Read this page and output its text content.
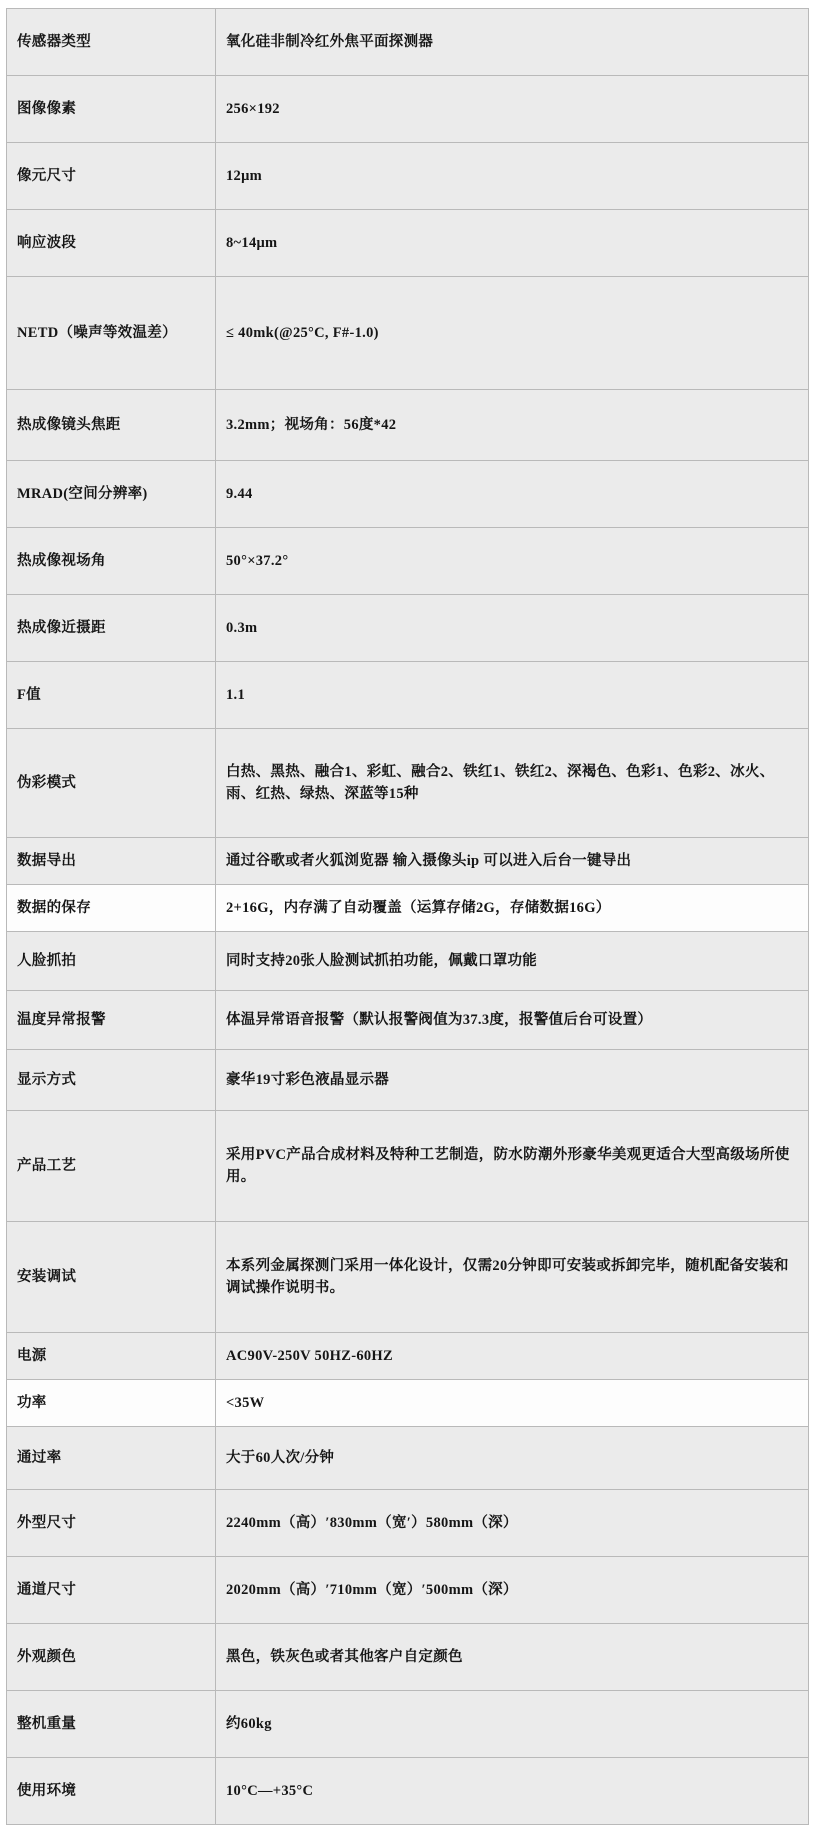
传感器类型	氧化硅非制冷红外焦平面探测器
图像像素	256×192
像元尺寸	12μm
响应波段	8~14μm
NETD（噪声等效温差）	≤ 40mk(@25°C, F#-1.0)
热成像镜头焦距	3.2mm；视场角：56度*42
MRAD(空间分辨率)	9.44
热成像视场角	50°×37.2°
热成像近摄距	0.3m
F值	1.1
伪彩模式	白热、黑热、融合1、彩虹、融合2、铁红1、铁红2、深褐色、色彩1、色彩2、冰火、雨、红热、绿热、深蓝等15种
数据导出	通过谷歌或者火狐浏览器 输入摄像头ip 可以进入后台一键导出
数据的保存	2+16G，内存满了自动覆盖（运算存储2G，存储数据16G）
人脸抓拍	同时支持20张人脸测试抓拍功能，佩戴口罩功能
温度异常报警	体温异常语音报警（默认报警阀值为37.3度，报警值后台可设置）
显示方式	豪华19寸彩色液晶显示器
产品工艺	采用PVC产品合成材料及特种工艺制造，防水防潮外形豪华美观更适合大型高级场所使用。
安装调试	本系列金属探测门采用一体化设计，仅需20分钟即可安装或拆卸完毕，随机配备安装和调试操作说明书。
电源	AC90V-250V 50HZ-60HZ
功率	<35W
通过率	大于60人次/分钟
外型尺寸	2240mm（高）′830mm（宽′）580mm（深）
通道尺寸	2020mm（高）′710mm（宽）′500mm（深）
外观颜色	黑色，铁灰色或者其他客户自定颜色
整机重量	约60kg
使用环境	10°C—+35°C
